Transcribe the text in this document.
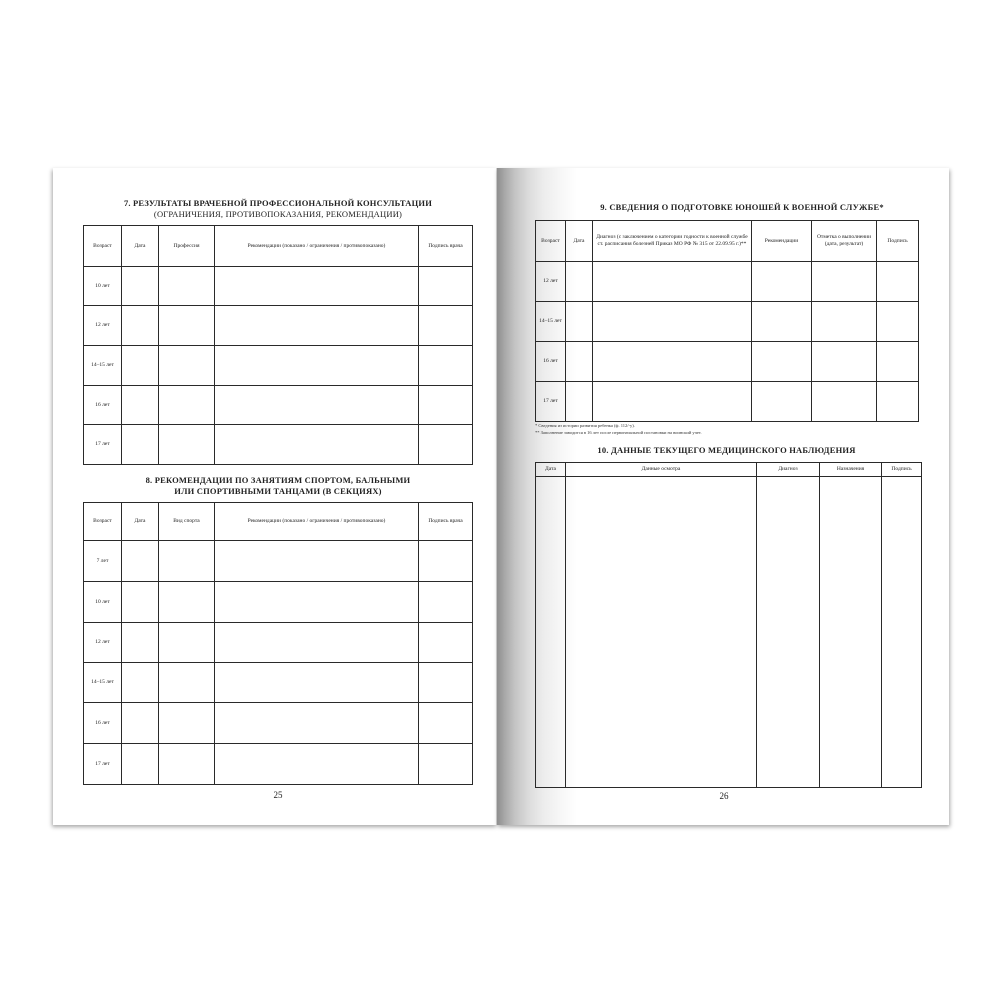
7. РЕЗУЛЬТАТЫ ВРАЧЕБНОЙ ПРОФЕССИОНАЛЬНОЙ КОНСУЛЬТАЦИИ
(ОГРАНИЧЕНИЯ, ПРОТИВОПОКАЗАНИЯ, РЕКОМЕНДАЦИИ)
Возраст	Дата	Профессия	Рекомендации (показано / ограничения / противопоказано)	Подпись врача
10 лет				
12 лет				
14–15 лет				
16 лет				
17 лет				
8. РЕКОМЕНДАЦИИ ПО ЗАНЯТИЯМ СПОРТОМ, БАЛЬНЫМИ
ИЛИ СПОРТИВНЫМИ ТАНЦАМИ (В СЕКЦИЯХ)
Возраст	Дата	Вид спорта	Рекомендации (показано / ограничения / противопоказано)	Подпись врача
7 лет				
10 лет				
12 лет				
14–15 лет				
16 лет				
17 лет				
25
9. СВЕДЕНИЯ О ПОДГОТОВКЕ ЮНОШЕЙ К ВОЕННОЙ СЛУЖБЕ*
Возраст	Дата	Диагноз (с заключением о категории годности к военной службе ст. расписания болезней Приказ МО РФ № 315 от 22.09.95 г.)**	Рекомендации	Отметка о выполнении (дата, результат)	Подпись
12 лет					
14–15 лет					
16 лет					
17 лет					
* Сведения из истории развития ребенка (ф. 112/-у).
** Заполнение заводится в 16 лет после первоначальной постановки на воинский учет.
10. ДАННЫЕ ТЕКУЩЕГО МЕДИЦИНСКОГО НАБЛЮДЕНИЯ
Дата	Данные осмотра	Диагноз	Назначения	Подпись

26
